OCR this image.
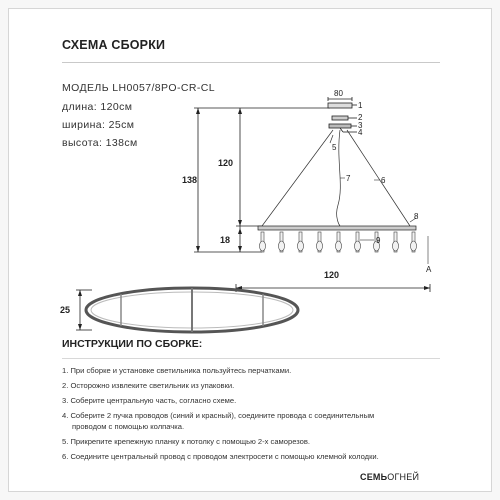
СХЕМА СБОРКИ
МОДЕЛЬ LH0057/8PO-CR-CL
длина: 120см
ширина: 25см
высота: 138см
138
120
18
80
1
2
3
4
5
6
7
8
9
A
120
25
ИНСТРУКЦИИ ПО СБОРКЕ:
1. При сборке и установке светильника пользуйтесь перчатками.
2. Осторожно извлеките светильник из упаковки.
3. Соберите центральную часть, согласно схеме.
4. Соберите 2 пучка проводов (синий и красный), соедините провода с соединительным
проводом с помощью колпачка.
5. Прикрепите крепежную планку к потолку с помощью 2-х саморезов.
6. Соедините центральный провод с проводом электросети с помощью клемной колодки.
СЕМЬОГНЕЙ
